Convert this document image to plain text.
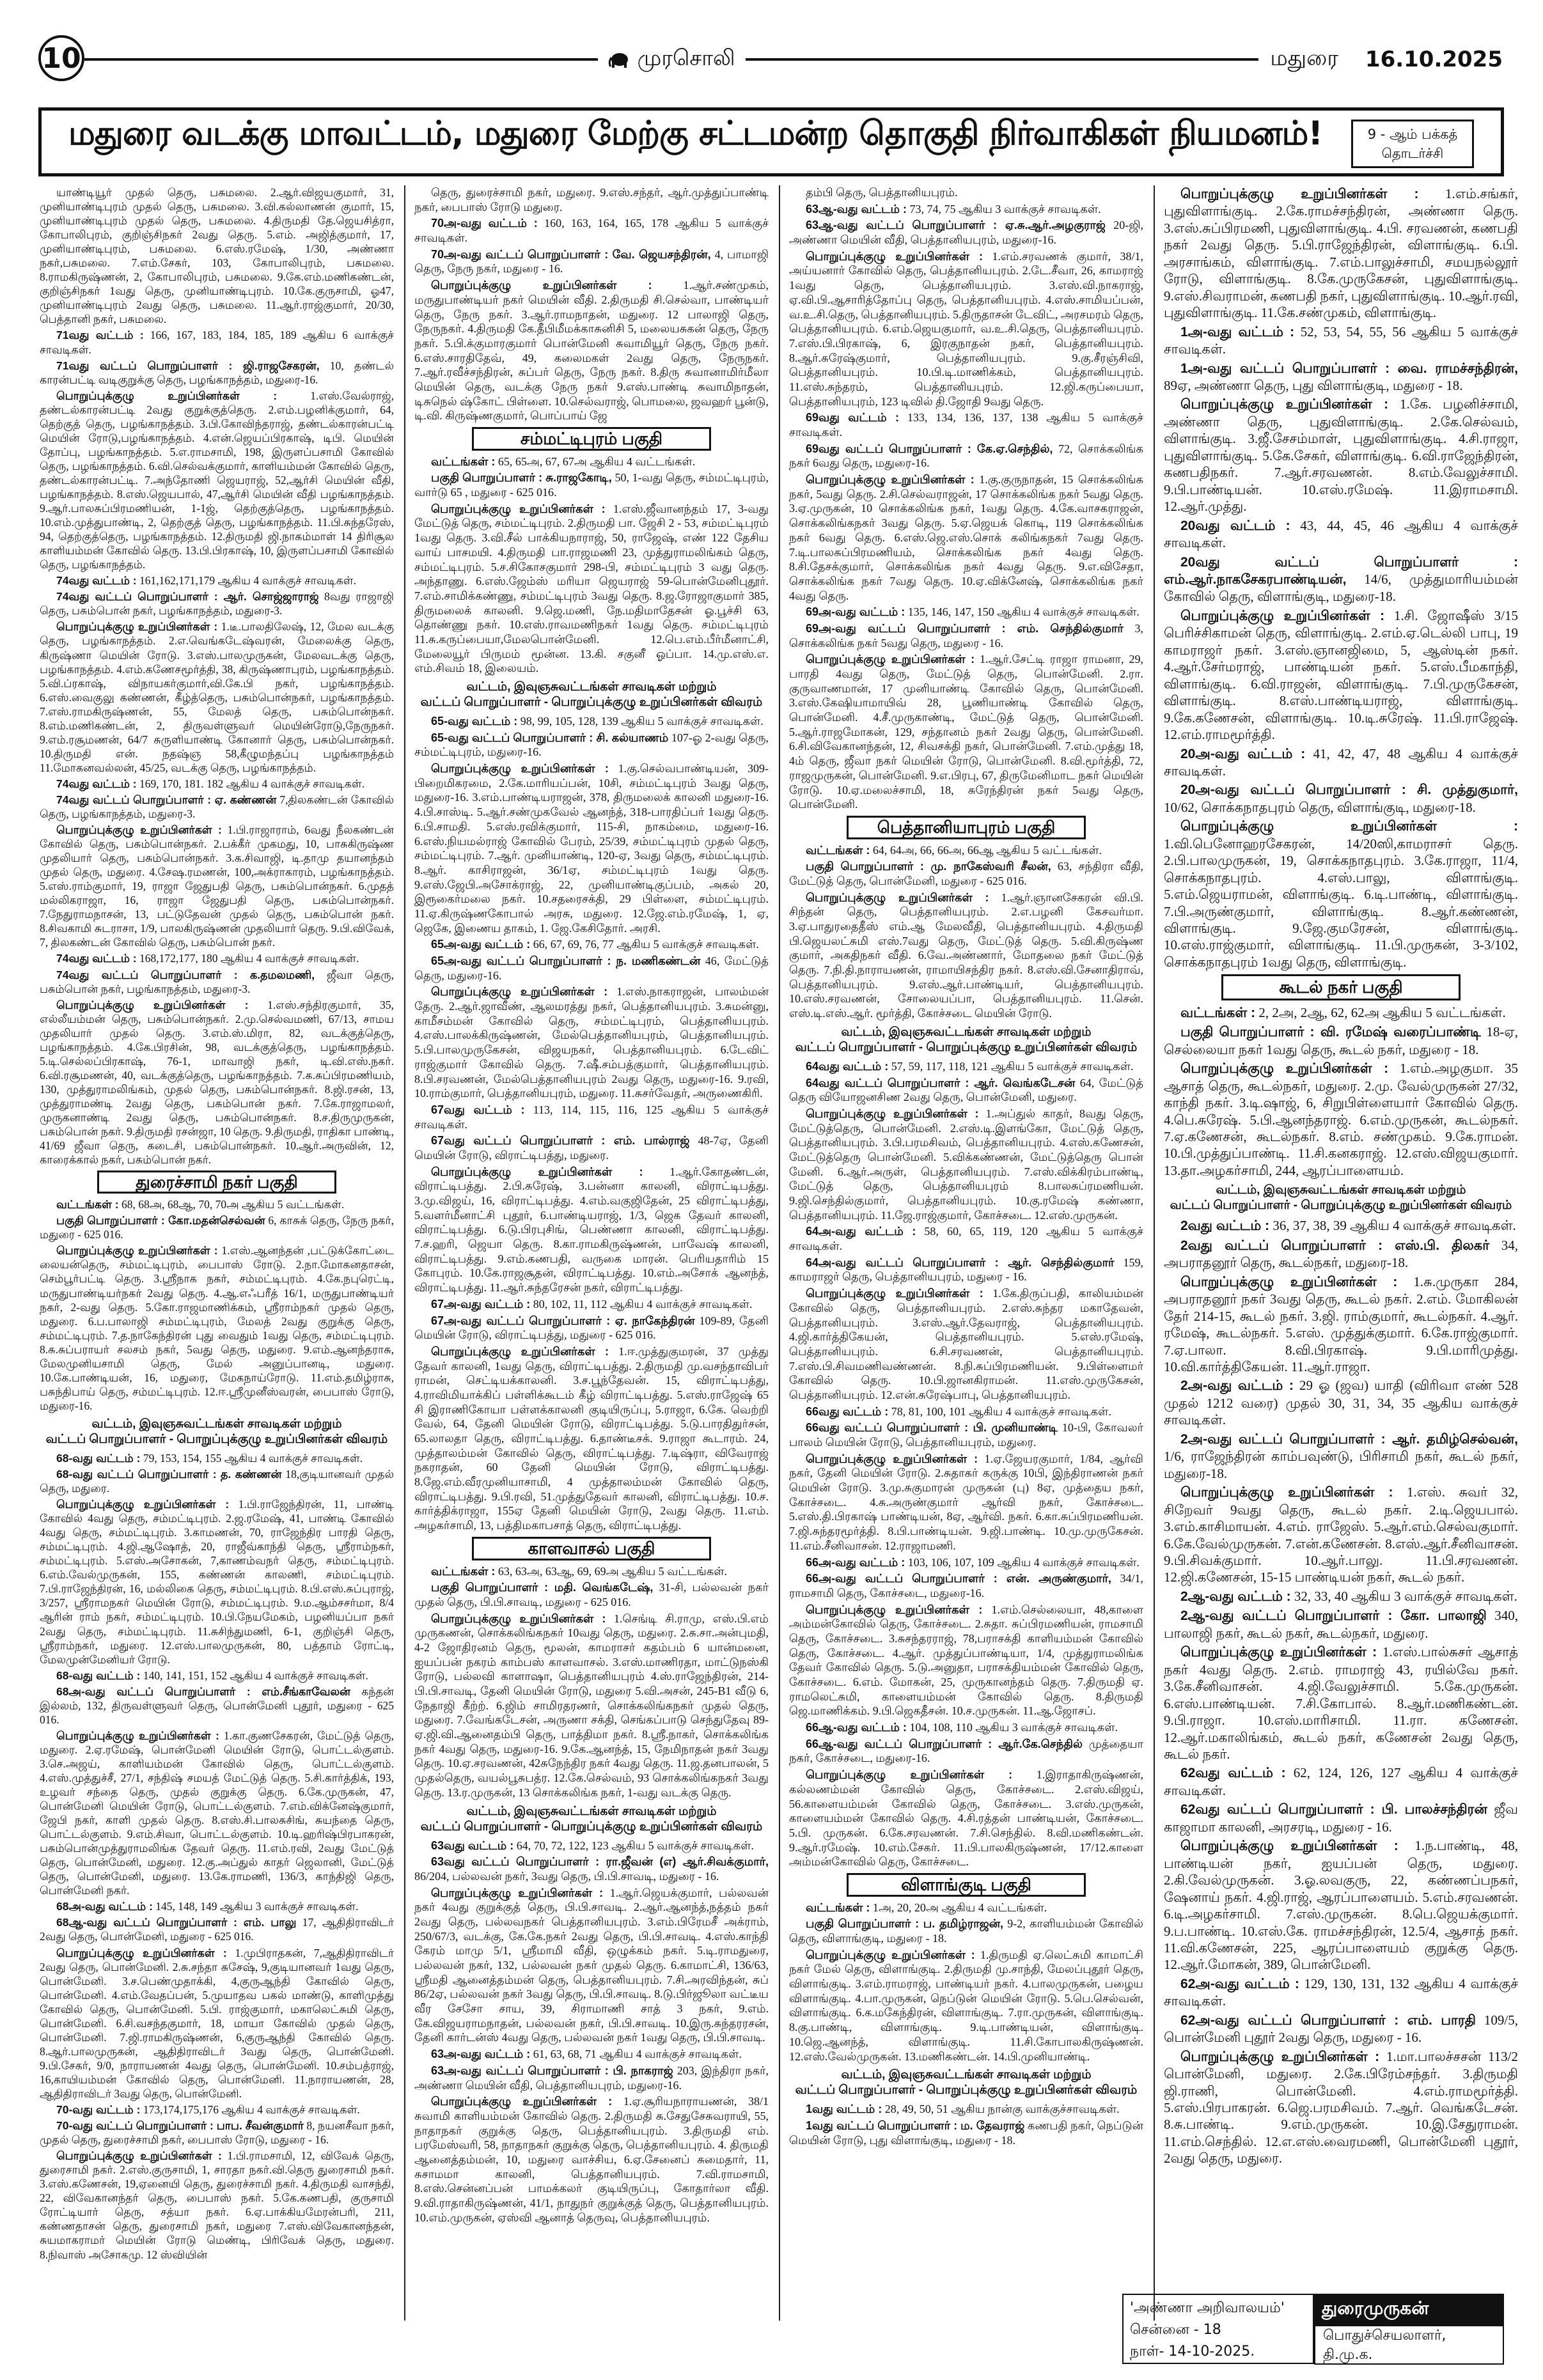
10	முரசொலி	மதுரை 16.10.2025
மதுரை வடக்கு மாவட்டம், மதுரை மேற்கு சட்டமன்ற தொகுதி நிர்வாகிகள் நியமனம்!	9 - ஆம் பக்கத்
தொடர்ச்சி

யாண்டியூர் முதல் தெரு, பசுமலை. 2.ஆர்.விஜயகுமார், 31, முனியாண்டிபுரம் முதல் தெரு, பசுமலை. 3.வி.கல்லாணன் குமார், 15, முனியாண்டிபுரம் முதல் தெரு, பசுமலை. 4.திருமதி தே.ஜெயசித்ரா, கோபாலிபுரம், குறிஞ்சிநகர் 2வது தெரு. 5.எம். அஜித்குமார், 17, முனியாண்டிபுரம், பசுமலை. 6.எஸ்.ரமேஷ், 1/30, அண்ணா நகர்,பசுமலை. 7.எம்.சேகர், 103, கோபாலிபுரம், பசுமலை. 8.ராமகிருஷ்ணன், 2, கோபாலிபுரம், பசுமலை. 9.கே.எம்.மணிகண்டன், குறிஞ்சிநகர் 1வது தெரு, முனியாண்டிபுரம். 10.கே.குருசாமி, ஓ47, முனியாண்டிபுரம் 2வது தெரு, பசுமலை. 11.ஆர்.ராஜ்குமார், 20/30, பெத்தானி நகர், பசுமலை.

71வது வட்டம் : 166, 167, 183, 184, 185, 189 ஆகிய 6 வாக்குச் சாவடிகள்.

71வது வட்டப் பொறுப்பாளர் : ஜி.ராஜசேகரன், 10, தண்டல் காரன்பட்டி வடிகுறுக்கு தெரு, பழங்காநத்தம், மதுரை-16.

பொறுப்புக்குழு உறுப்பினர்கள் :	1.எஸ்.வேல்ராஜ், தண்டல்காரன்பட்டி 2வது குறுக்குத்தெரு. 2.எம்.பழனிக்குமார், 64, தெற்குத் தெரு, பழங்காநத்தம். 3.பி.கோவிந்தராஜ், தண்டல்காரன்பட்டி மெயின் ரோடு,பழங்காநத்தம். 4.என்.ஜெயப்பிரகாஷ், டிபி. மெயின் தோப்பு, பழங்காநத்தம். 5.எ.ராமசாமி, 198, இருளப்பசாமி கோவில் தெரு, பழங்காநத்தம். 6.வி.செல்வக்குமார், காளியம்மன் கோவில் தெரு, தண்டல்காரன்பட்டி. 7.அந்தோணி ஜெயராஜ், 52,ஆர்சி மெயின் வீதி, பழங்காநத்தம். 8.எஸ்.ஜெயபால், 47,ஆர்சி மெயின் வீதி பழங்காநத்தம். 9.ஆர்.பாலசுப்பிரமணியன், 1-1ஜ், தெற்குத்தெரு, பழங்காநத்தம். 10.எம்.முத்துபாண்டி, 2, தெற்குத் தெரு, பழங்காநத்தம். 11.பி.சுந்தரேஸ், 94, தெற்குத்தெரு, பழங்காநத்தம். 12.திருமதி ஜி.நாகம்மாள் 14 திரிசூல காளியம்மன் கோவில் தெரு. 13.பி.பிரகாஷ், 10, இருளப்பசாமி கோவில் தெரு, பழங்காநத்தம்.

74வது வட்டம் : 161,162,171,179 ஆகிய 4 வாக்குச் சாவடிகள்.

74வது வட்டப் பொறுப்பாளர் : ஆர். சொஜ்ஜாராஜ் 8வது ராஜாஜி தெரு, பசும்பொன் நகர், பழங்காநத்தம், மதுரை-3.

பொறுப்புக்குழு உறுப்பினர்கள் : 1.டீ.பாலதிலேஷ், 12, மேல வடக்கு தெரு, பழங்காநத்தம். 2.எ.வெங்கடேஷ்வரன், மேலைக்கு தெரு, கிருஷ்ணா மெயின் ரோடு. 3.எஸ்.பாலமுருகன், மேலவடக்கு தெரு, பழங்காநத்தம். 4.எம்.கணேசமூர்த்தி, 38, கிருஷ்ணாபுரம், பழங்காநத்தம். 5.வி.ப்ரகாஷ், விநாயகர்குமார்,வி.கே.பி நகர், பழங்காநத்தம். 6.எஸ்.வைகுலு கண்ணன், கீழ்த்தெரு, பசும்பொன்நகர், பழங்காநத்தம். 7.எஸ்.ராமகிருஷ்ணன், 55, மேலத் தெரு, பசும்பொன்நகர். 8.எம்.மணிகண்டன், 2, திருவள்ளுவர் மெயின்ரோடு,நேருநகர். 9.எம்.ரசூமணன், 64/7 சுருளியாண்டி கோனார் தெரு, பசும்பொன்நகர். 10.திருமதி என். நதஷ்ஞ 58,கீழுமந்தப்பு பழங்காநத்தம் 11.மோகனவல்லன், 45/25, வடக்கு தெரு, பழங்காநத்தம்.

74வது வட்டம் : 169, 170, 181. 182 ஆகிய 4 வாக்குச் சாவடிகள்.

74வது வட்டப் பொறுப்பாளர் : ஏ. கண்ணன் 7,திலகண்டன் கோவில் தெரு, பழங்காநத்தம், மதுரை-3.

பொறுப்புக்குழு உறுப்பினர்கள் : 1.பி.ராஜாராம், 6வது நீலகண்டன் கோவில் தெரு, பசும்பொன்நகர். 2.பக்கீர் முகமது, 10, பாசுகிருஷ்ண முதலியார் தெரு, பசும்பொன்நகர். 3.க.சிவாஜி, டி.தாமு தயானந்தம் முதல் தெரு, மதுரை. 4.சேஷ.ரமணன், 100,அக்ராகாரம், பழங்காநத்தம். 5.எஸ்.ராம்குமார், 19, ராஜா ஜேதுபதி தெரு, பசும்பொன்நகர். 6.முதத் மல்லிகராஜா, 16, ராஜா ஜேதுபதி தெரு, பசும்பொன்நகர். 7.நேதுராமநாசன், 13, பட்டுதேவன் முதல் தெரு, பசும்பொன் நகர். 8.சிவகாமி சுடராசா, 1/9, பாலகிருஷ்ணன் முதலியார் தெரு. 9.பி.விவேக், 7, திலகண்டன் கோவில் தெரு, பசும்பொன் நகர்.

74வது வட்டம் : 168,172,177, 180 ஆகிய 4 வாக்குச் சாவடிகள்.

74வது வட்டப் பொறுப்பாளர் : க.தமலமணி, ஜீவா தெரு, பசும்பொன் நகர், பழங்காநத்தம், மதுரை-3.

பொறுப்புக்குழு உறுப்பினர்கள் : 1.எஸ்.சந்திரகுமார், 35, எல்லீயம்மன் தெரு, பசும்பொன்நகர். 2.மு.செல்வமணி, 67/13, சாமய முதலியார் முதல் தெரு. 3.எம்.ஸ்.மிரா, 82, வடக்குத்தெரு, பழங்காநத்தம். 4.கே.பிரசின், 98, வடக்குத்தெரு, பழங்காநத்தம். 5.டி.செல்லப்பிரகாஷ், 76-1, மாவாஜி நகர், டி.வி.எஸ்.நகர். 6.வி.ரசூமணன், 40, வடக்குத்தெரு, பழங்காநத்தம். 7.க.சுப்பிரமணியம், 130, முத்துராமலிங்கம், முதல் தெரு, பசும்பொன்நகர். 8.ஜி.ரசன், 13, முத்துராமண்டி 2வது தெரு, பசும்பொன் நகர். 7.கே.ராஜாமலர், முருகனாண்டி 2வது தெரு, பசும்பொன்நகர். 8.ச.திருமுருகன், பசும்பொன் நகர். 9.திருமதி ரசன்ஜா, 10 தெரு. 9.திருமதி, ராதிகா பாண்டி, 41/69 ஜீவா தெரு, கடைசி, பசும்பொன்நகர். 10.ஆர்.அருவின், 12, காரைக்கால் நகர், பசும்பொன் நகர்.

துரைச்சாமி நகர் பகுதி

வட்டங்கள் : 68, 68அ, 68ஆ, 70, 70அ ஆகிய 5 வட்டங்கள்.

பகுதி பொறுப்பாளர் : கோ.மதன்செல்வன் 6, காசுக் தெரு, நேரு நகர், மதுரை - 625 016.

பொறுப்புக்குழு உறுப்பினர்கள் : 1.எஸ்.ஆனந்தன் ,பட்டுக்கோட்டை லையன்தெரு, சம்மட்டிபுரம், பைபாஸ் ரோடு. 2.நா.மோகனதாசன், செம்பூர்பட்டி தெரு. 3.ஸ்ரீநாக நகர், சம்மட்டிபுரம். 4.கே.நபுரெட்டி, மருதுபாண்டியர்நகர் 2வது தெரு. 4.ஆ.எஃபரீத் 16/1, மருதுபாண்டியர் நகர், 2-வது தெரு. 5.கோ.ராஜமாணிக்கம், ஸ்ரீராம்நகர் முதல் தெரு, மதுரை. 6.ப.பாலாஜி சம்மட்டிபுரம், மேலத் 2வது குறுக்கு தெரு, சம்மட்டிபுரம். 7.த.நாகேந்திரன் புது வைதும் 1வது தெரு, சம்மட்டிபுரம். 8.சு.சுப்பராயர் சலசம் நகர், 5வது தெரு, மதுரை. 9.எம்.ஆனந்தராசு, மேலமுனியசாமி தெரு, மேல் அனுப்பானடி, மதுரை. 10.கே.பாண்டியன், 16, மதுரை, மேகநாய்ரோடு. 11.எம்.தமிழ்ராசு, பசுந்திபாய் தெரு, சம்மட்டிபுரம். 12.ஈ.ஸ்ரீமுனீஸ்வரன், பைபாஸ் ரோடு, மதுரை-16.

வட்டம், இவுஞசுவட்டங்கள் சாவடிகள் மற்றும்
வட்டப் பொறுப்பாளர் - பொறுப்புக்குழு உறுப்பினர்கள் விவரம்

68-வது வட்டம் : 79, 153, 154, 155 ஆகிய 4 வாக்குச் சாவடிகள்.

68-வது வட்டப் பொறுப்பாளர் : த. கண்ணன் 18,குடியானவர் முதல் தெரு, மதுரை.

பொறுப்புக்குழு உறுப்பினர்கள் : 1.பி.ராஜேந்திரன், 11, பாண்டி கோவில் 4வது தெரு, சம்மட்டிபுரம். 2.ஜ.ரமேஷ், 41, பாண்டி கோவில் 4வது தெரு, சம்மட்டிபுரம். 3.காமணன், 70, ராஜேந்திர பாரதி தெரு, சம்மட்டிபுரம். 4.ஜி.ஆஷோத், 20, ராஜீவ்காந்தி தெரு, ஸ்ரீராம்நகர், சம்மட்டிபுரம். 5.எஸ்.அசோகன், 7,காணம்வநர் தெரு, சம்மட்டிபுரம். 6.எம்.வேல்முருகன், 155, கண்ணன் காலணி, சம்மட்டிபுரம். 7.பி.ராஜேந்திரன், 16, மல்லிகை தெரு, சம்மட்டிபுரம். 8.பி.எஸ்.சுப்புராஜ், 3/257, ஸ்ரீராமநகர் மெயின் ரோடு, சம்மட்டிபுரம். 9.ம.ஆம்சசர்மா, 8/4 ஆரின் ராம் நகர், சம்மட்டிபுரம். 10.பி.நேயமேகம், பழனியப்பா நகர் 2வது தெரு, சம்மட்டிபுரம். 11.சுசிந்துமணி, 6-1, குறிஞ்சி தெரு, ஸ்ரீராம்நகர், மதுரை. 12.எஸ்.பாலமுருகன், 80, பத்தாம் ரோட்டி, மேலமுன்மேனியர் ரோடு.

68-வது வட்டம் : 140, 141, 151, 152 ஆகிய 4 வாக்குச் சாவடிகள்.

68அ-வது வட்டப் பொறுப்பாளர் : எம்.சீங்காவேலன் கந்தன் இல்லம், 132, திருவள்ளுவர் தெரு, பொன்மேனி புதூர், மதுரை - 625 016.

பொறுப்புக்குழு உறுப்பினர்கள் : 1.கா.குணசேகரன், மேட்டுத் தெரு, மதுரை. 2.ஏ.ரமேஷ், பொன்மேனி மெயின் ரோடு, பொட்டல்குளம். 3.செ.அஜய், காளியம்மன் கோவில் தெரு, பொட்டல்குளம். 4.எஸ்.முத்துச்சீ, 27/1, சந்திஷ் சமயத் மேட்டுத் தெரு. 5.சி.கார்த்திக், 193, உழவர் சந்தை தெரு, முதல் குறுக்கு தெரு. 6.கே.முருகன், 47, பொன்மேனி மெயின் ரோடு, பொட்டல்குளம். 7.எம்.விக்னேஷ்குமார், ஜேபி நகர், காளி முதல் தெரு. 8.எஸ்.சி.பாலசுசிங், சுயந்தை தெரு, பொட்டல்குளம். 9.எம்.சிவா, பொட்டல்குளம். 10.டி.ஹரிஷ்பிரபாகரன், பசும்பொன்முத்துராமலிங்க தேவர் தெரு. 11.எம்.ரவி, 2வது மேட்டுத் தெரு, பொன்மேனி, மதுரை. 12.கு.அப்துல் காதர் ஜெலானி, மேட்டுத் தெரு, பொன்மேனி, மதுரை. 13.கே.ராமணி, 136/3, காந்திஜி தெரு, பொன்மேனி நகர்.

68அ-வது வட்டம் : 145, 148, 149 ஆகிய 3 வாக்குச் சாவடிகள்.

68ஆ-வது வட்டப் பொறுப்பாளர் : எம். பாலு 17, ஆதிதிராவிடர் 2வது தெரு, பொன்மேனி, மதுரை - 625 016.

பொறுப்புக்குழு உறுப்பினர்கள் : 1.முபிராதகன், 7,ஆதிதிராவிடர் 2வது தெரு, பொன்மேனி. 2.சு.சந்தா சுசேஷ், 9,குடியானவர் 1வது தெரு, பொன்மேனி. 3.ச.பெண்முதாக்கி, 4,குருஆந்தி கோவில் தெரு, பொன்மேனி. 4.எம்.வேதப்பன், 5.முயாதவ பகல் மாண்டு, காளிமுத்து கோவில் தெரு, பொன்மேனி. 5.பி. ராஜ்குமார், மகாலெட்சுமி தெரு, பொன்மேனி. 6.சி.வசந்தகுமார், 18, மாயா கோவில் முதல் தெரு, பொன்மேனி. 7.ஜி.ராமகிருஷ்ணன், 6,குருஆந்தி கோவில் தெரு. 8.ஆர்.பாலமுருகன், ஆதிதிராவிடர் 3வது தெரு, பொன்மேனி. 9.பி.சேகர், 9/0, நாராயணன் 4வது தெரு, பொன்மேனி. 10.சம்பத்ராஜ், 16,காயியம்மன் கோவில் தெரு, பொன்மேனி. 11.நாராயணன், 28, ஆதிதிராவிடர் 3வது தெரு, பொன்மேனி.

70-வது வட்டம் : 173,174,175,176 ஆகிய 4 வாக்குச் சாவடிகள்.

70-வது வட்டப் பொறுப்பாளர் : பாப. சீவன்குமார் 8, நயனசீவா நகர், முதல் தெரு, துரைச்சாமி நகர், பைபாஸ் ரோடு, மதுரை - 16.

பொறுப்புக்குழு உறுப்பினர்கள் : 1.பி.ராமசாமி, 12, விவேக் தெரு, துரைசாமி நகர். 2.எஸ்.குருசாமி, 1, சாரதா நகர்.வி.தெரு துரைசாமி நகர். 3.எஸ்.கணேசன், 19,ஏனையி தெரு, துரைச்சாமி நகர். 4.திருமதி வாசந்தி, 22, விவேகானந்தர் தெரு, பைபாஸ் நகர். 5.கே.கணபதி, குருசாமி ரோட்டியார் தெரு, சத்யா நகர். 6.ஏ.பாக்கியமேரன்பரி, 211, கண்ணதாசன் தெரு, துரைசாமி நகர், மதுரை 7.எஸ்.விவேகானந்தன், சுயமாகராமர் மெயின் ரோடு மெண்டி, பிரிவேக் தெரு, மதுரை. 8.நிவாஸ் அசோகமு. 12 ஸ்வியின்

தெரு, துரைச்சாமி நகர், மதுரை. 9.எஸ்.சந்தர், ஆர்.முத்துப்பாண்டி நகர், பைபாஸ் ரோடு மதுரை.

70அ-வது வட்டம் : 160, 163, 164, 165, 178 ஆகிய 5 வாக்குச் சாவடிகள்.

70அ-வது வட்டப் பொறுப்பாளர் : வே. ஜெயசந்திரன், 4, பாமாஜி தெரு, நேரு நகர், மதுரை - 16.

பொறுப்புக்குழு உறுப்பினர்கள் :	1.ஆர்.சண்முகம், மருதுபாண்டியர் நகர் மெயின் வீதி. 2.திருமதி சி.செல்வா, பாண்டியர் தெரு, நேரு நகர். 3.ஆர்.ராமநாதன், மதுரை. 12 பாலாஜி தெரு, நேருநகர். 4.திருமதி கே.தீபிமீமக்காசுனிசி 5, மலையசுகன் தெரு, நேரு நகர். 5.பி.க்குமாரகுமார் பொன்மேனி சுவாமியூர் தெரு, நேரு நகர். 6.எஸ்.சாரதிதேவ், 49, கலைமகள் 2வது தெரு, நேருநகர். 7.ஆர்.ரவீச்சந்திரன், சுப்பர் தெரு, நேரு நகர். 8.திரு சுவானாமிர்மீலா மெயின் தெரு, வடக்கு நேரு நகர் 9.எஸ்.பாண்டி சுவாமிநாதன், டிசுநெல் ஷ்கோட் பிள்ளை. 10.செல்வராஜ், பொமலை, ஜவஹர் பூன்டு, டி.வி. கிருஷ்ணகுமார், பொப்பாய் ஜே

சம்மட்டிபுரம் பகுதி

வட்டங்கள் : 65, 65அ, 67, 67அ ஆகிய 4 வட்டங்கள்.

பகுதி பொறுப்பாளர் : சு.ராஜகோடி, 50, 1-வது தெரு, சம்மட்டிபுரம், வார்டு 65 , மதுரை - 625 016.

பொறுப்புக்குழு உறுப்பினர்கள் : 1.எஸ்.ஜீவானந்தம் 17, 3-வது மேட்டுத் தெரு, சம்மட்டிபுரம். 2.திருமதி பா. ஜேசி 2 - 53, சம்மட்டிபுரம் 1வது தெரு. 3.வி.சீல் பாக்கியநாராஜ், 50, ராஜேஷ், எண் 122 தேசிய வாய் பாசமயி. 4.திருமதி பா.ராஜமணி 23, முத்துராமலிங்கம் தெரு, சம்மட்டிபுரம். 5.ச.சிகோசகுமார் 298-பி, சம்மட்டிபுரம் 3 வது தெரு. அந்தாணு. 6.எஸ்.ஜேம்ஸ் மரியா ஜெயராஜ் 59-பொன்மேனிபுதூர். 7.எம்.சாமிக்கண்ணு, சம்மட்டிபுரம் 3வது தெரு. 8.ஜ.ரோஜாகுமார் 385, திருமலைக் காலனி. 9.ஜெ.மணி, நே.மதிமாதேசன் ஓ.பூச்சி 63, தொண்ணு நகர். 10.எஸ்.ராவமணிநகர் 1வது தெரு. சம்மட்டிபுரம் 11.சு.கருப்பையா,மேலபொன்மேனி. 12.பெ.எம்.பீர்மீனாட்சி, மேலையூர் பிருமம் மூன்ன. 13.கி. சகுனீ ஓப்பா. 14.மு.எஸ்.எ. எம்.சிவம் 18, இலையம்.

வட்டம், இவுஞசுவட்டங்கள் சாவடிகள் மற்றும்
வட்டப் பொறுப்பாளர் - பொறுப்புக்குழு உறுப்பினர்கள் விவரம்

65-வது வட்டம் : 98, 99, 105, 128, 139 ஆகிய 5 வாக்குச் சாவடிகள்.

65-வது வட்டப் பொறுப்பாளர் : சி. கல்யாணம் 107-ஓ 2-வது தெரு, சம்மட்டிபுரம், மதுரை-16.

பொறுப்புக்குழு உறுப்பினர்கள் : 1.கு.செல்வபாண்டியன், 309-பிறைமிகரமை, 2.கே.மாரியப்பன், 10சி, சம்மட்டிபுரம் 3வது தெரு, மதுரை-16. 3.எம்.பாண்டியராஜன், 378, திருமலைக் காலனி மதுரை-16. 4.பி.சாஸ்டி. 5.ஆர்.சண்முகவேல் ஆனந்த், 318-பாரதிப்பர் 1வது தெரு. 6.பி.சாமதி. 5.எஸ்.ரவிக்குமார், 115-சி, நாகம்மை, மதுரை-16. 6.எஸ்.நியமல்ராஜ் கோவில் பேரம், 25/39, சம்மட்டிபுரம் முதல் தெரு, சம்மட்டிபுரம். 7.ஆர். முனியாண்டி, 120-ஏ, 3வது தெரு, சம்மட்டிபுரம். 8.ஆர். காசிராஜன், 36/1ஏ, சம்மட்டிபுரம் 1வது தெரு. 9.எஸ்.ஜேபி.அசோக்ராஜ், 22, முனியாண்டிகுப்பம், அகல் 20, இரூகைர்மலை நகர். 10.சதரைசக்தி, 29 பிள்ளை, சம்மட்டிபுரம். 11.ஏ.கிருஷ்ணகோபால் அரசு, மதுரை. 12.ஜே.எம்.ரமேஷ், 1, ஏ, ஜெகே, இணைய தாகம், 1. ஜே.கேசிதோர். அரசி.

65அ-வது வட்டம் : 66, 67, 69, 76, 77 ஆகிய 5 வாக்குச் சாவடிகள்.

65அ-வது வட்டப் பொறுப்பாளர் : ந. மணிகண்டன் 46, மேட்டுத் தெரு, மதுரை-16.

பொறுப்புக்குழு உறுப்பினர்கள் : 1.எஸ்.நாகராஜன், பாலம்மன் தேரு. 2.ஆர்.ஜாவீண், ஆலமரத்து நகர், பெத்தானியபுரம். 3.சுமன்னு, காமீசம்மன் கோவில் தெரு, சம்மட்டிபுரம், பெத்தானியபுரம். 4.எஸ்.பாலக்கிருஷ்ணன், மேல்பெத்தானியபுரம், பெத்தானியபுரம். 5.பி.பாலமுருகேசன், விஜயநகர், பெத்தானியபுரம். 6.டேவிட் ராஜ்குமார் கோவில் தெரு. 7.ஷீ.சம்பத்குமார், பெத்தானியபுரம். 8.பி.சரவணன், மேல்பெத்தானியபுரம் 2வது தெரு, மதுரை-16. 9.ரவி, 10.ராம்குமார், பெத்தானியபுரம், மதுரை. 11.சுசர்வேதர், அருணைகிரி.

67வது வட்டம் : 113, 114, 115, 116, 125 ஆகிய 5 வாக்குச் சாவடிகள்.

67வது வட்டப் பொறுப்பாளர் : எம். பால்ராஜ் 48-7ஏ, தேனி மெயின் ரோடு, விராட்டிபத்து, மதுரை.

பொறுப்புக்குழு உறுப்பினர்கள் : 1.ஆர்.கோதண்டன், விராட்டிபத்து. 2.பி.சுரேஷ், 3.பன்னா காலனி, விராட்டிபத்து. 3.மு.விஜய், 16, விராட்டிபத்து. 4.எம்.வகுஜிதேன், 25 விராட்டிபத்து, 5.வளர்மீனாட்சி புதூர், 6.பாண்டியராஜ், 1/3, ஜெக தேவர் காலனி, விராட்டிபத்து. 6.டு.பிரபுசிங், பெண்ணா காலனி, விராட்டிபத்து. 7.ச.ஹரி, ஜெயா தெரு. 8.கா.ராமகிருஷ்ணன், பாவேஷ் காலனி, விராட்டிபத்து. 9.எம்.கணபதி, வருகை மாரன். பெரியதாரிம் 15 கோபுரம். 10.கே.ராஜசூதன், விராட்டிபத்து. 10.எம்.அசோக் ஆனந்த், விராட்டிபத்து. 11.ஆர்.சுந்தரேசன் நகர், விராட்டிபத்து.

67அ-வது வட்டம் : 80, 102, 11, 112 ஆகிய 4 வாக்குச் சாவடிகள்.

67அ-வது வட்டப் பொறுப்பாளர் : ஏ. நாகேந்திரன் 109-89, தேனி மெயின் ரோடு, விராட்டிபத்து, மதுரை - 625 016.

பொறுப்புக்குழு உறுப்பினர்கள் : 1.ஈ.முத்துகுமரன், 37 முத்து தேவர் காலனி, 1வது தெரு, விராட்டிபத்து. 2.திருமதி மு.வசந்தாவிபர் ராமன், செட்டியக்காலனி. 3.ச.பூந்தேவன். 15, விராட்டிபத்து, 4.ராவிமியாக்கிப் பள்ளிக்கூடம் கீழ் விராட்டிபத்து. 5.எஸ்.ராஜேஷ் 65 சி இராணிகோயா பள்ளக்காலனி குடியிருப்பு, 5.ராஜா, 6.கே. வெற்றி வேல், 64, தேனி மெயின் ரோடு, விராட்டிபத்து. 5.டு.பாரதிதுர்சன், 65.லாலதா தெரு, விராட்டிபத்து. 6.தாண்டீசக். 9.ராஜா கூடாரம். 24, முத்தாலம்மன் கோவில் தெரு, விராட்டிபத்து. 7.டிஷ்ரா, விவேராஜ் நகராதன், 60 தேனி மெயின் ரோடு, விராட்டிபத்து. 8.ஜே.எம்.வீரமுனியாசாமி, 4 முத்தாலம்மன் கோவில் தெரு, விராட்டிபத்து. 9.பி.ரவி, 51.முத்துதேவர் காலனி, விராட்டிபத்து. 10.ச. கார்த்திக்ராஜா, 155ஏ தேனி மெயின் ரோடு, 2வது தெரு. 11.எம். அழகர்சாமி, 13, பத்திமகாபசாத் தெரு, விராட்டிபத்து.

காளவாசல் பகுதி

வட்டங்கள் : 63, 63அ, 63ஆ, 69, 69அ ஆகிய 5 வட்டங்கள்.

பகுதி பொறுப்பாளர் : மதி. வெங்கடேஷ், 31-சி, பல்லவன் நகர் முதல் தெரு, பி.பி.சாவடி, மதுரை - 625 016.

பொறுப்புக்குழு உறுப்பினர்கள் : 1.செங்டி சி.ராமு, எஸ்.பி.எம் முருகணன், சொக்கலிங்கநகர் 10வது தெரு, மதுரை. 2.சு.சா.அன்புமதி, 4-2 ஜோதிரனம் தெரு, மூலன், காமராசர் கதம்பம் 6 யான்மனை, ஐயப்பன் நகரம் காம்பஸ் காளவாசல். 3.எஸ்.மாணிரதா, மாட்டுநஸ்கி ரோடு, பல்லவி காளாஷா, பெத்தானியபுரம் 4.ஸ்.ராஜேந்திரன், 214-பி.பி.சாவடி, தேனி மெயின் ரோடு, மதுரை 5.வி.அசன், 245-B1 வீடு 6, நேதாஜி கீற்ற். 6.ஜிம் சாமிரதரணர், சொக்கலிங்கநகர் முதல் தெரு, மதுரை. 7.வேங்கடேசன், அருணா சக்தி, செங்கப்பாடு செந்துதேவு 89-ஏ.ஜி.வி.ஆனைதம்பி தெரு, பாத்திமா நகர். 8.ஸ்ரீ.நாகர், சொக்கலிங்க நகர் 4வது தெரு, மதுரை-16. 9.கே.ஆனந்த், 15, நேமிநாதன் நகர் 3வது தெரு. 10.ஏ.சரவணன், 42சுநேந்திர நகர் 4வது தெரு. 11.ஜ.தனபாலன், 5 முதல்தெரு, வயல்பூசுபத்ர. 12.கே.செல்வம், 93 சொக்கலிங்கநகர் 3வது தெரு. 13.ர.முருகன், 13 சொக்கலிங்க நகர், 1-வது வடக்கு தெரு.

வட்டம், இவுஞசுவட்டங்கள் சாவடிகள் மற்றும்
வட்டப் பொறுப்பாளர் - பொறுப்புக்குழு உறுப்பினர்கள் விவரம்

63வது வட்டம் : 64, 70, 72, 122, 123 ஆகிய 5 வாக்குச் சாவடிகள்.

63வது வட்டப் பொறுப்பாளர் : ரா.ஜீவன் (எ) ஆர்.சிவக்குமார், 86/204, பல்லவன் நகர், 3வது தெரு, பி.பி.சாவடி, மதுரை - 16.

பொறுப்புக்குழு உறுப்பினர்கள் : 1.ஆர்.ஜெயக்குமார், பல்லவன் நகர் 4வது குறுக்குத் தெரு, பி.பி.சாவடி. 2.ஆர்.ஆனந்த்,நத்தம் நகர் 2வது தெரு, பல்லவநகர் பெத்தானியபுரம். 3.எம்.பிரேமசீ அக்ராம், 250/67/3, வடக்கு, கே.கே.நகர் 2வது தெரு, பி.பி.சாவடி. 4.எஸ்.காந்தி கேரம் மாமு 5/1, ஸ்ரீமாமி வீதி, ஒழுக்கம் நகர். 5.டி.ராமதுரை, பல்லவன் நகர், 132, பல்லவன் நகர் முதல் தெரு. 6.காமாட்சி, 136/63, ஸ்ரீமதி ஆனைத்தம்மன் தெரு, பெத்தானியபுரம். 7.சி.அரவிந்தன், சுப் 86/2ஏ, பல்லவன் நகர் 3வது தெரு, பி.பி.சாவடி. 8.டு.பிர்ஜூலா வட்டீய வீர சேசோ சாய, 39, சிராமாணி சாத் 3 நகர், 9.எம். கே.விஜயராமநாதன், பல்லவன் நகர், பி.பி.சாவடி. 10.இரு.சுந்தரரசன், தேனி கார்டன்ஸ் 4வது தெரு, பல்லவன் நகர் 1வது தெரு, பி.பி.சாவடி.

63அ-வது வட்டம் : 61, 63, 68, 71 ஆகிய 4 வாக்குச் சாவடிகள்.

63அ-வது வட்டப் பொறுப்பாளர் : பி. நாகராஜ் 203, இந்திரா நகர், அண்ணா மெயின் வீதி, பெத்தானியபுரம், மதுரை-16.

பொறுப்புக்குழு உறுப்பினர்கள் : 1.ஏ.சூரியநாராயணன், 38/1 சுவாமி காளியம்மன் கோவில் தெரு. 2.திருமதி சு.சேதுசேசுவராயி, 55, நாதாநகர் குறுக்கு தெரு, பெத்தானியபுரம். 3.திருமதி எம். பரமேஸ்வரி, 58, நாதாநகர் குறுக்கு தெரு, பெத்தானியபுரம். 4. திருமதி ஆனைத்தம்மன், 10, மதுரை வாச்சிய, 6.ஏ.சேனைப் சுமைதார், 11, சுசாமமா காலனி, பெத்தானியபுரம். 7.வி.ராமசாமி, 8.எஸ்.சென்னப்பன் பாமக்கலர் குடியிருப்பு, கோதார்லா வீதி. 9.வி.ராதாகிருஷ்ணன், 41/1, நாதுநர் குறுக்குத் தெரு, பெத்தானியபுரம். 10.எம்.முருகன், ஏஸ்வி ஆனாத் தெருவு, பெத்தானியபுரம்.

தம்பி தெரு, பெத்தானியபுரம்.

63ஆ-வது வட்டம் : 73, 74, 75 ஆகிய 3 வாக்குச் சாவடிகள்.

63ஆ-வது வட்டப் பொறுப்பாளர் : ஏ.சு.ஆர்.அழகுராஜ் 20-ஜி, அண்ணா மெயின் வீதி, பெத்தானியபுரம், மதுரை-16.

பொறுப்புக்குழு உறுப்பினர்கள் : 1.எம்.சரவணக் குமார், 38/1, அய்யனார் கோவில் தெரு, பெத்தானியபுரம். 2.டே.சீவா, 26, காமராஜ் 1வது தெரு, பெத்தானியபுரம். 3.எஸ்.வி.நாகராஜ், ஏ.வி.பி.ஆசாரித்தோப்பு தெரு, பெத்தானியபுரம். 4.எஸ்.சாமியப்பன், வ.உ.சி.தெரு, பெத்தானியபுரம். 5.திருதாசன் டேவிட், அரசமரம் தெரு, பெத்தானியபுரம். 6.எம்.ஜெயகுமார், வ.உ.சி.தெரு, பெத்தானியபுரம். 7.எஸ்.பி.பிரகாஷ், 6, இரகுநாதன் நகர், பெத்தானியபுரம். 8.ஆர்.சுரேஷ்குமார், பெத்தானியபுரம். 9.கு.சீரஞ்சிவி, பெத்தானியபுரம். 10.பி.டி.மாணிக்கம், பெத்தானியபுரம். 11.எஸ்.சுந்தரம், பெத்தானியபுரம். 12.ஜி.கருப்பையா, பெத்தானியபுரம், 123 டிவில் தி.ஜோதி 9வது தெரு.

69வது வட்டம் : 133, 134, 136, 137, 138 ஆகிய 5 வாக்குச் சாவடிகள்.

69வது வட்டப் பொறுப்பாளர் : கே.ஏ.செந்தில், 72, சொக்கலிங்க நகர் 6வது தெரு, மதுரை-16.

பொறுப்புக்குழு உறுப்பினர்கள் : 1.கு.குருநாதன், 15 சொக்கலிங்க நகர், 5வது தெரு. 2.சி.செல்வராஜன், 17 சொக்கலிங்க நகர் 5வது தெரு. 3.ஏ.முருகன், 10 சொக்கலிங்க நகர், 1வது தெரு. 4.கே.வாசகராஜன், சொக்கலிங்கநகர் 3வது தெரு. 5.ஏ.ஜெயக் கொடி, 119 சொக்கலிங்க நகர் 6வது தெரு. 6.எஸ்.ஜெ.எஸ்.சொக் கலிங்கநகர் 7வது தெரு. 7.டி.பாலசுப்பிரமணியம், சொக்கலிங்க நகர் 4வது தெரு. 8.சி.தேசக்குமார், சொக்கலிங்க நகர் 4வது தெரு. 9.எ.விசேதா, சொக்கலிங்க நகர் 7வது தெரு. 10.ஏ.விக்னேஷ், சொக்கலிங்க நகர் 4வது தெரு.

69அ-வது வட்டம் : 135, 146, 147, 150 ஆகிய 4 வாக்குச் சாவடிகள்.

69அ-வது வட்டப் பொறுப்பாளர் : எம். செந்தில்குமார் 3, சொக்கலிங்க நகர் 5வது தெரு, மதுரை - 16.

பொறுப்புக்குழு உறுப்பினர்கள் : 1.ஆர்.சேட்டி ராஜா ராமனா, 29, பாரதி 4வது தெரு, மேட்டுத் தெரு, பொன்மேனி. 2.ரா. குருவாணமான், 17 முனியாண்டி கோவில் தெரு, பொன்மேனி. 3.எஸ்.கேஷியாமாயிவ் 28, பூணியாண்டி கோவில் தெரு, பொன்மேனி. 4.சீ.முருகாண்டி, மேட்டுத் தெரு, பொன்மேனி. 5.ஆர்.ராஜமோகன், 129, சந்தானம் நகர் 2வது தெரு, பொன்மேனி. 6.சி.விவேகானந்தன், 12, சிவசக்தி நகர், பொன்மேனி. 7.எம்.முத்து 18, 4ம் தெரு, ஜீவா நகர் மெயின் ரோடு, பொன்மேனி. 8.வி.மூர்த்தி, 72, ராஜமுருகன், பொன்மேனி. 9.எ.பிரபு, 67, திருமேனிமாட நகர் மெயின் ரோடு. 10.ஏ.மலைச்சாமி, 18, சுரேந்திரன் நகர் 5வது தெரு, பொன்மேனி.

பெத்தானியாபுரம் பகுதி

வட்டங்கள் : 64, 64அ, 66, 66அ, 66ஆ ஆகிய 5 வட்டங்கள்.

பகுதி பொறுப்பாளர் : மு. நாகேஸ்வரி சீலன், 63, சந்திரா வீதி, மேட்டுத் தெரு, பொன்மேனி, மதுரை - 625 016.

பொறுப்புக்குழு உறுப்பினர்கள் : 1.ஆர்.ஞானசேகரன் வி.பி. சிந்தன் தெரு, பெத்தானியபுரம். 2.எ.பழனி கேசவர்மா. 3.ஏ.பாதுரதைதீஸ் எம்.ஆ மேலவீதி, பெத்தானியபுரம். 4.திருமதி பி.ஜெயலட்சுமி எஸ்.7வது தெரு, மேட்டுத் தெரு. 5.வி.கிருஷ்ண குமார், அகதிநகர் வீதி. 6.வே.அண்ணார், மோதலை நகர் மேட்டுத் தெரு. 7.நி.தி.நாராயணன், ராமாயிசந்திர நகர். 8.எஸ்.வி.சேனாதிராவ், பெத்தானியபுரம். 9.எஸ்.ஆர்.பாண்டியர், பெத்தானியபுரம். 10.எஸ்.சரவணன், சோலையப்பா, பெத்தானியபுரம். 11.சென். எஸ்.டி.எஸ்.ஆர். மூர்த்தி, கோச்சடை மெயின் ரோடு.

வட்டம், இவுஞசுவட்டங்கள் சாவடிகள் மற்றும்
வட்டப் பொறுப்பாளர் - பொறுப்புக்குழு உறுப்பினர்கள் விவரம்

64வது வட்டம் : 57, 59, 117, 118, 121 ஆகிய 5 வாக்குச் சாவடிகள்.

64வது வட்டப் பொறுப்பாளர் : ஆர். வெங்கடேசன் 64, மேட்டுத் தெரு வியோஜனசிண 2வது தெரு, பொன்மேனி, மதுரை.

பொறுப்புக்குழு உறுப்பினர்கள் : 1.அப்துல் காதர், 8வது தெரு, மேட்டுத்தெரு, பொன்மேனி. 2.எஸ்.டி.இளங்கோ, மேட்டுத் தெரு, பெத்தானியபுரம். 3.பி.பரமசிவம், பெத்தானியபுரம். 4.எஸ்.கணேசன், மேட்டுத்தெரு பொன்மேனி. 5.விக்கண்ணன், மேட்டுத்தெரு பொன் மேனி. 6.ஆர்.அருள், பெத்தானியபுரம். 7.எஸ்.விக்கிரம்பாண்டி, மேட்டுத் தெரு, பெத்தானியபுரம் 8.பாலசுப்ரமணியன். 9.ஜி.செந்தில்குமார், பெத்தானியபுரம். 10.கு.ரமேஷ் கண்ணா, பெத்தானியபுரம். 11.ஜே.ராஜ்குமார், கோச்சடை. 12.எஸ்.முருகன்.

64அ-வது வட்டம் : 58, 60, 65, 119, 120 ஆகிய 5 வாக்குச் சாவடிகள்.

64அ-வது வட்டப் பொறுப்பாளர் : ஆர். செந்தில்குமார் 159, காமராஜர் தெரு, பெத்தானியபுரம், மதுரை - 16.

பொறுப்புக்குழு உறுப்பினர்கள் : 1.கே.திருப்பதி, காலியம்மன் கோவில் தெரு, பெத்தானியபுரம். 2.எஸ்.சுந்தர மகாதேவன், பெத்தானியபுரம். 3.எஸ்.ஆர்.தேவராஜ், பெத்தானியபுரம். 4.ஜி.கார்த்திகேயன், பெத்தானியபுரம். 5.எஸ்.ரமேஷ், பெத்தானியபுரம். 6.சி.சரவணன், பெத்தானியபுரம். 7.எஸ்.பி.சிவமணிவண்ணன். 8.நி.சுப்பிரமணியன். 9.பிள்ளைமர் கோவில் தெரு. 10.பி.ஜானகிராமன். 11.எஸ்.முருகேசன், பெத்தானியபுரம். 12.என்.சுரேஷ்பாபு, பெத்தானியபுரம்.

66வது வட்டம் : 78, 81, 100, 101 ஆகிய 4 வாக்குச் சாவடிகள்.

66வது வட்டப் பொறுப்பாளர் : பி. முனியாண்டி 10-பி, கோவலர் பாலம் மெயின் ரோடு, பெத்தானியபுரம், மதுரை.

பொறுப்புக்குழு உறுப்பினர்கள் : 1.ஏ.ஜேயரகுமார், 1/84, ஆர்வி நகர், தேனி மெயின் ரோடு. 2.சுதாகர் கருக்கு 10பி, இந்திராணன் நகர் மெயின் ரோடு. 3.மு.சுகுமாரன் முருகன் (பு) 8ஏ, முத்தைய நகர், கோச்சடை. 4.சு.அருண்குமார் ஆர்வி நகர், கோச்சடை. 5.எஸ்.தி.பிரகாஷ் பாண்டியன், 8ஏ, ஆர்வி. நகர். 6.கா.சுப்பிரமணியன். 7.ஜி.சுந்தரமூர்த்தி. 8.பி.பாண்டியன். 9.ஜி.பாண்டி. 10.மு.முருகேசன். 11.எம்.சீனிவாசன். 12.ராஜாமணி.

66அ-வது வட்டம் : 103, 106, 107, 109 ஆகிய 4 வாக்குச் சாவடிகள்.

66அ-வது வட்டப் பொறுப்பாளர் : என். அருண்குமார், 34/1, ராமசாமி தெரு, கோச்சடை, மதுரை-16.

பொறுப்புக்குழு உறுப்பினர்கள் : 1.எம்.செல்லையா, 48,காளை அம்மன்கோவில் தெரு, கோச்சடை. 2.சுதா. சுப்பிரமணியன், ராமசாமி தெரு, கோச்சடை. 3.சுசந்தரராஜ், 78,பராசக்தி காளியம்மன் கோவில் தெரு, கோச்சடை. 4.ஆர். முத்துப்பாண்டியா, 1/4, முத்துராமலிங்க தேவர் கோவில் தெரு. 5.டு.அனுதா, பராசக்தியம்மன் கோவில் தெரு, கோச்சடை. 6.எம். மோகன், 25, முருகானந்தம் தெரு. 7.திருமதி ஏ. ராமலெட்சுமி, காளையம்மன் கோவில் தெரு. 8.திருமதி ஜெ.மாணிக்கம். 9.பி.ஜெகதீசன். 10.ச.முருகன். 11.ஆ.ஜோசப்.

66ஆ-வது வட்டம் : 104, 108, 110 ஆகிய 3 வாக்குச் சாவடிகள்.

66ஆ-வது வட்டப் பொறுப்பாளர் : ஆர்.கே.செந்தில் முத்தையா நகர், கோச்சடை, மதுரை-16.

பொறுப்புக்குழு உறுப்பினர்கள் : 1.இராதாகிருஷ்ணன், கல்லணம்மன் கோவில் தெரு, கோச்சடை. 2.எஸ்.விஜய், 56.காளையம்மன் கோவில் தெரு, கோச்சடை. 3.எஸ்.முருகன், காளையம்மன் கோவில் தெரு. 4.சி.ரத்தன் பாண்டியன், கோச்சடை. 5.பி. முருகன். 6.கே.சரவணன். 7.சி.செந்தில். 8.வி.மணிகண்டன். 9.ஆர்.ரமேஷ். 10.எம்.சேகர். 11.பி.பாலகிருஷ்ணன், 17/12.காளை அம்மன்கோவில் தெரு, கோச்சடை.

விளாங்குடி பகுதி

வட்டங்கள் : 1அ, 20, 20அ ஆகிய 4 வட்டங்கள்.

பகுதி பொறுப்பாளர் : ப. தமிழ்ராஜன், 9-2, காளியம்மன் கோவில் தெரு, விளாங்குடி, மதுரை - 18.

பொறுப்புக்குழு உறுப்பினர்கள் : 1.திருமதி ஏ.லெட்சுமி காமாட்சி நகர் மேல் தெரு, விளாங்குடி. 2.திருமதி மு.சாந்தி, மேலப்புதூர் தெரு, விளாங்குடி. 3.எம்.ராமராஜ், பாண்டியர் நகர். 4.பாலமுருகன், பழைய விளாங்குடி. 4.பா.முருகன், நெப்டுன் மெயின் ரோடு. 5.பெ.செல்வன், விளாங்குடி. 6.க.மகேந்திரன், விளாங்குடி. 7.ரா.முருகன், விளாங்குடி. 8.கு.பாண்டி, விளாங்குடி. 9.டி.பாண்டியன், விளாங்குடி. 10.ஜெ.ஆனந்த், விளாங்குடி. 11.சி.கோபாலகிருஷ்ணன். 12.எஸ்.வேல்முருகன். 13.மணிகண்டன். 14.பி.முனியாண்டி.

வட்டம், இவுஞசுவட்டங்கள் சாவடிகள் மற்றும்
வட்டப் பொறுப்பாளர் - பொறுப்புக்குழு உறுப்பினர்கள் விவரம்

1வது வட்டம் : 28, 49, 50, 51 ஆகிய நான்கு வாக்குச்சாவடிகள்.

1வது வட்டப் பொறுப்பாளர் : ம. தேவராஜ் கணபதி நகர், நெப்டுன் மெயின் ரோடு, புது விளாங்குடி, மதுரை - 18.

பொறுப்புக்குழு உறுப்பினர்கள் : 1.எம்.சங்கர், புதுவிளாங்குடி. 2.கே.ராமச்சந்திரன், அண்ணா தெரு. 3.எஸ்.சுப்பிரமணி, புதுவிளாங்குடி. 4.பி. சரவணன், கணபதி நகர் 2வது தெரு. 5.பி.ராஜேந்திரன், விளாங்குடி. 6.பி. அரசாங்கம், விளாங்குடி. 7.எம்.பாலுச்சாமி, சமயநல்லூர் ரோடு, விளாங்குடி. 8.கே.முருகேசன், புதுவிளாங்குடி. 9.எஸ்.சிவராமன், கணபதி நகர், புதுவிளாங்குடி. 10.ஆர்.ரவி, புதுவிளாங்குடி. 11.கே.சண்முகம், விளாங்குடி.

1அ-வது வட்டம் : 52, 53, 54, 55, 56 ஆகிய 5 வாக்குச் சாவடிகள்.

1அ-வது வட்டப் பொறுப்பாளர் : வை. ராமச்சந்திரன், 89ஏ, அண்ணா தெரு, புது விளாங்குடி, மதுரை - 18.

பொறுப்புக்குழு உறுப்பினர்கள் : 1.கே. பழனிச்சாமி, அண்ணா தெரு, புதுவிளாங்குடி. 2.கே.செல்வம், விளாங்குடி. 3.ஜீ.சேசம்மாள், புதுவிளாங்குடி. 4.சி.ராஜா, புதுவிளாங்குடி. 5.கே.சேகர், விளாங்குடி. 6.வி.ராஜேந்திரன், கணபதிநகர். 7.ஆர்.சரவணன். 8.எம்.வேலுச்சாமி. 9.பி.பாண்டியன். 10.எஸ்.ரமேஷ். 11.இராமசாமி. 12.ஆர்.முத்து.

20வது வட்டம் : 43, 44, 45, 46 ஆகிய 4 வாக்குச் சாவடிகள்.

20வது வட்டப் பொறுப்பாளர் : எம்.ஆர்.நாகசேகரபாண்டியன், 14/6, முத்துமாரியம்மன் கோவில் தெரு, விளாங்குடி, மதுரை-18.

பொறுப்புக்குழு உறுப்பினர்கள் : 1.சி. ஜோஷீஸ் 3/15 பெரிச்சிகாமன் தெரு, விளாங்குடி. 2.எம்.ஏ.டெல்லி பாபு, 19 காமராஜர் நகர். 3.எஸ்.ஞானஜிமை, 5, ஆஸ்டின் நகர். 4.ஆர்.சேர்மராஜ், பாண்டியன் நகர். 5.எஸ்.பீமகாந்தி, விளாங்குடி. 6.வி.ராஜன், விளாங்குடி. 7.பி.முருகேசன், விளாங்குடி. 8.எஸ்.பாண்டியராஜ், விளாங்குடி. 9.கே.கணேசன், விளாங்குடி. 10.டி.சுரேஷ். 11.பி.ராஜேஷ். 12.எம்.ராமமூர்த்தி.

20அ-வது வட்டம் : 41, 42, 47, 48 ஆகிய 4 வாக்குச் சாவடிகள்.

20அ-வது வட்டப் பொறுப்பாளர் : சி. முத்துகுமார், 10/62, சொக்கநாதபுரம் தெரு, விளாங்குடி, மதுரை-18.

பொறுப்புக்குழு உறுப்பினர்கள் : 1.வி.பெனோஹரசேகரன், 14/20ஸி,காமராசர் தெரு. 2.பி.பாலமுருகன், 19, சொக்கநாதபுரம். 3.கே.ராஜா, 11/4, சொக்கநாதபுரம். 4.எஸ்.பாலு, விளாங்குடி. 5.எம்.ஜெயராமன், விளாங்குடி. 6.டி.பாண்டி, விளாங்குடி. 7.பி.அருண்குமார், விளாங்குடி. 8.ஆர்.கண்ணன், விளாங்குடி. 9.ஜே.குமரேசன், விளாங்குடி. 10.எஸ்.ராஜ்குமார், விளாங்குடி. 11.பி.முருகன், 3-3/102, சொக்கநாதபுரம் 1வது தெரு, விளாங்குடி.

கூடல் நகர் பகுதி

வட்டங்கள் : 2, 2அ, 2ஆ, 62, 62அ ஆகிய 5 வட்டங்கள்.

பகுதி பொறுப்பாளர் : வி. ரமேஷ் வரைப்பாண்டி 18-ஏ, செல்லையா நகர் 1வது தெரு, கூடல் நகர், மதுரை - 18.

பொறுப்புக்குழு உறுப்பினர்கள் : 1.எம்.அழகுமா. 35 ஆசாத் தெரு, கூடல்நகர், மதுரை. 2.மு. வேல்முருகன் 27/32, காந்தி நகர். 3.டி.ஷாஜ், 6, சிறுபிள்ளையார் கோவில் தெரு. 4.பெ.சுரேஷ். 5.பி.ஆனந்தராஜ். 6.எம்.முருகன், கூடல்நகர். 7.ஏ.கணேசன், கூடல்நகர். 8.எம். சண்முகம். 9.கே.ராமன். 10.பி.முத்துப்பாண்டி. 11.சி.கனகராஜ். 12.எஸ்.விஜயகுமார். 13.தா.அழகர்சாமி, 244, ஆரப்பாளையம்.

வட்டம், இவுஞசுவட்டங்கள் சாவடிகள் மற்றும்
வட்டப் பொறுப்பாளர் - பொறுப்புக்குழு உறுப்பினர்கள் விவரம்

2வது வட்டம் : 36, 37, 38, 39 ஆகிய 4 வாக்குச் சாவடிகள்.

2வது வட்டப் பொறுப்பாளர் : எஸ்.பி. திலகர் 34, அபராதனூர் தெரு, கூடல்நகர், மதுரை-18.

பொறுப்புக்குழு உறுப்பினர்கள் : 1.சு.முருகா 284, அபராதனூர் நகர் 3வது தெரு, கூடல் நகர். 2.எம். மோகிலன் தேர் 214-15, கூடல் நகர். 3.ஜி. ராம்குமார், கூடல்நகர். 4.ஆர். ரமேஷ், கூடல்நகர். 5.எஸ். முத்துக்குமார். 6.கே.ராஜ்குமார். 7.ஏ.பாலா. 8.வி.பிரகாஷ். 9.பி.மாரிமுத்து. 10.வி.கார்த்திகேயன். 11.ஆர்.ராஜா.

2அ-வது வட்டம் : 29 ஓ (ஜவ) யாதி (விரிவா எண் 528 முதல் 1212 வரை) முதல் 30, 31, 34, 35 ஆகிய வாக்குச் சாவடிகள்.

2அ-வது வட்டப் பொறுப்பாளர் : ஆர். தமிழ்செல்வன், 1/6, ராஜேந்திரன் காம்பவுண்டு, பிரிசாமி நகர், கூடல் நகர், மதுரை-18.

பொறுப்புக்குழு உறுப்பினர்கள் : 1.எஸ். சுவர் 32, சிறேவர் 9வது தெரு, கூடல் நகர். 2.டி.ஜெயபால். 3.எம்.காசிமாயன். 4.எம். ராஜேஸ். 5.ஆர்.எம்.செல்வகுமார். 6.கே.வேல்முருகன். 7.என்.கணேசன். 8.எஸ்.ஆர்.சீனிவாசன். 9.பி.சிவக்குமார். 10.ஆர்.பாலு. 11.பி.சரவணன். 12.ஜி.கணேசன், 15-15 பாண்டியன் நகர், கூடல் நகர்.

2ஆ-வது வட்டம் : 32, 33, 40 ஆகிய 3 வாக்குச் சாவடிகள்.

2ஆ-வது வட்டப் பொறுப்பாளர் : கோ. பாலாஜி 340, பாலாஜி நகர், கூடல் நகர், கூடல்நகர், மதுரை.

பொறுப்புக்குழு உறுப்பினர்கள் : 1.எஸ்.பால்சுசர் ஆசாத் நகர் 4வது தெரு. 2.எம். ராமராஜ் 43, ரயில்வே நகர். 3.கே.சீனிவாசன். 4.ஜி.வேலுச்சாமி. 5.கே.முருகன். 6.எஸ்.பாண்டியன். 7.சி.கோபால். 8.ஆர்.மணிகண்டன். 9.பி.ராஜா. 10.எஸ்.மாரிசாமி. 11.ரா. கணேசன். 12.ஆர்.மகாலிங்கம், கூடல் நகர், கணேசன் 2வது தெரு, கூடல் நகர்.

62வது வட்டம் : 62, 124, 126, 127 ஆகிய 4 வாக்குச் சாவடிகள்.

62வது வட்டப் பொறுப்பாளர் : பி. பாலச்சந்திரன் ஜீவ காஜாமா காலனி, அரசரடி, மதுரை - 16.

பொறுப்புக்குழு உறுப்பினர்கள் : 1.ந.பாண்டி, 48, பாண்டியன் நகர், ஐயப்பன் தெரு, மதுரை. 2.கி.வேல்முருகன். 3.ஓ.லவகுரு, 22, கண்ணப்பநகர், ஷேனாய் நகர். 4.ஜி.ராஜ், ஆரப்பாளையம். 5.எம்.சரவணன். 6.டி.அழகர்சாமி. 7.எஸ்.முருகன். 8.பெ.ஜெயக்குமார். 9.ப.பாண்டி. 10.எஸ்.கே. ராமச்சந்திரன், 12.5/4, ஆசாத் நகர். 11.வி.கணேசன், 225, ஆரப்பாளையம் குறுக்கு தெரு. 12.ஆர்.மோகன், 389, பொன்மேனி.

62அ-வது வட்டம் : 129, 130, 131, 132 ஆகிய 4 வாக்குச் சாவடிகள்.

62அ-வது வட்டப் பொறுப்பாளர் : எம். பாரதி 109/5, பொன்மேனி புதூர் 2வது தெரு, மதுரை - 16.

பொறுப்புக்குழு உறுப்பினர்கள் : 1.மா.பாலச்சசன் 113/2 பொன்மேனி, மதுரை. 2.கே.பிரேம்சந்தர். 3.திருமதி ஜி.ராணி, பொன்மேனி. 4.எம்.ராமமூர்த்தி. 5.எஸ்.பிரபாகரன். 6.ஜெ.பரமசிவம். 7.ஆர். வெங்கடேசன். 8.சு.பாண்டி. 9.எம்.முருகன். 10.இ.சேதுராமன். 11.எம்.செந்தில். 12.எ.எஸ்.வைரமணி, பொன்மேனி புதூர், 2வது தெரு, மதுரை.

'அண்ணா அறிவாலயம்'
சென்னை - 18
நாள்- 14-10-2025.
துரைமுருகன்
பொதுச்செயலாளர்,
தி.மு.க.
